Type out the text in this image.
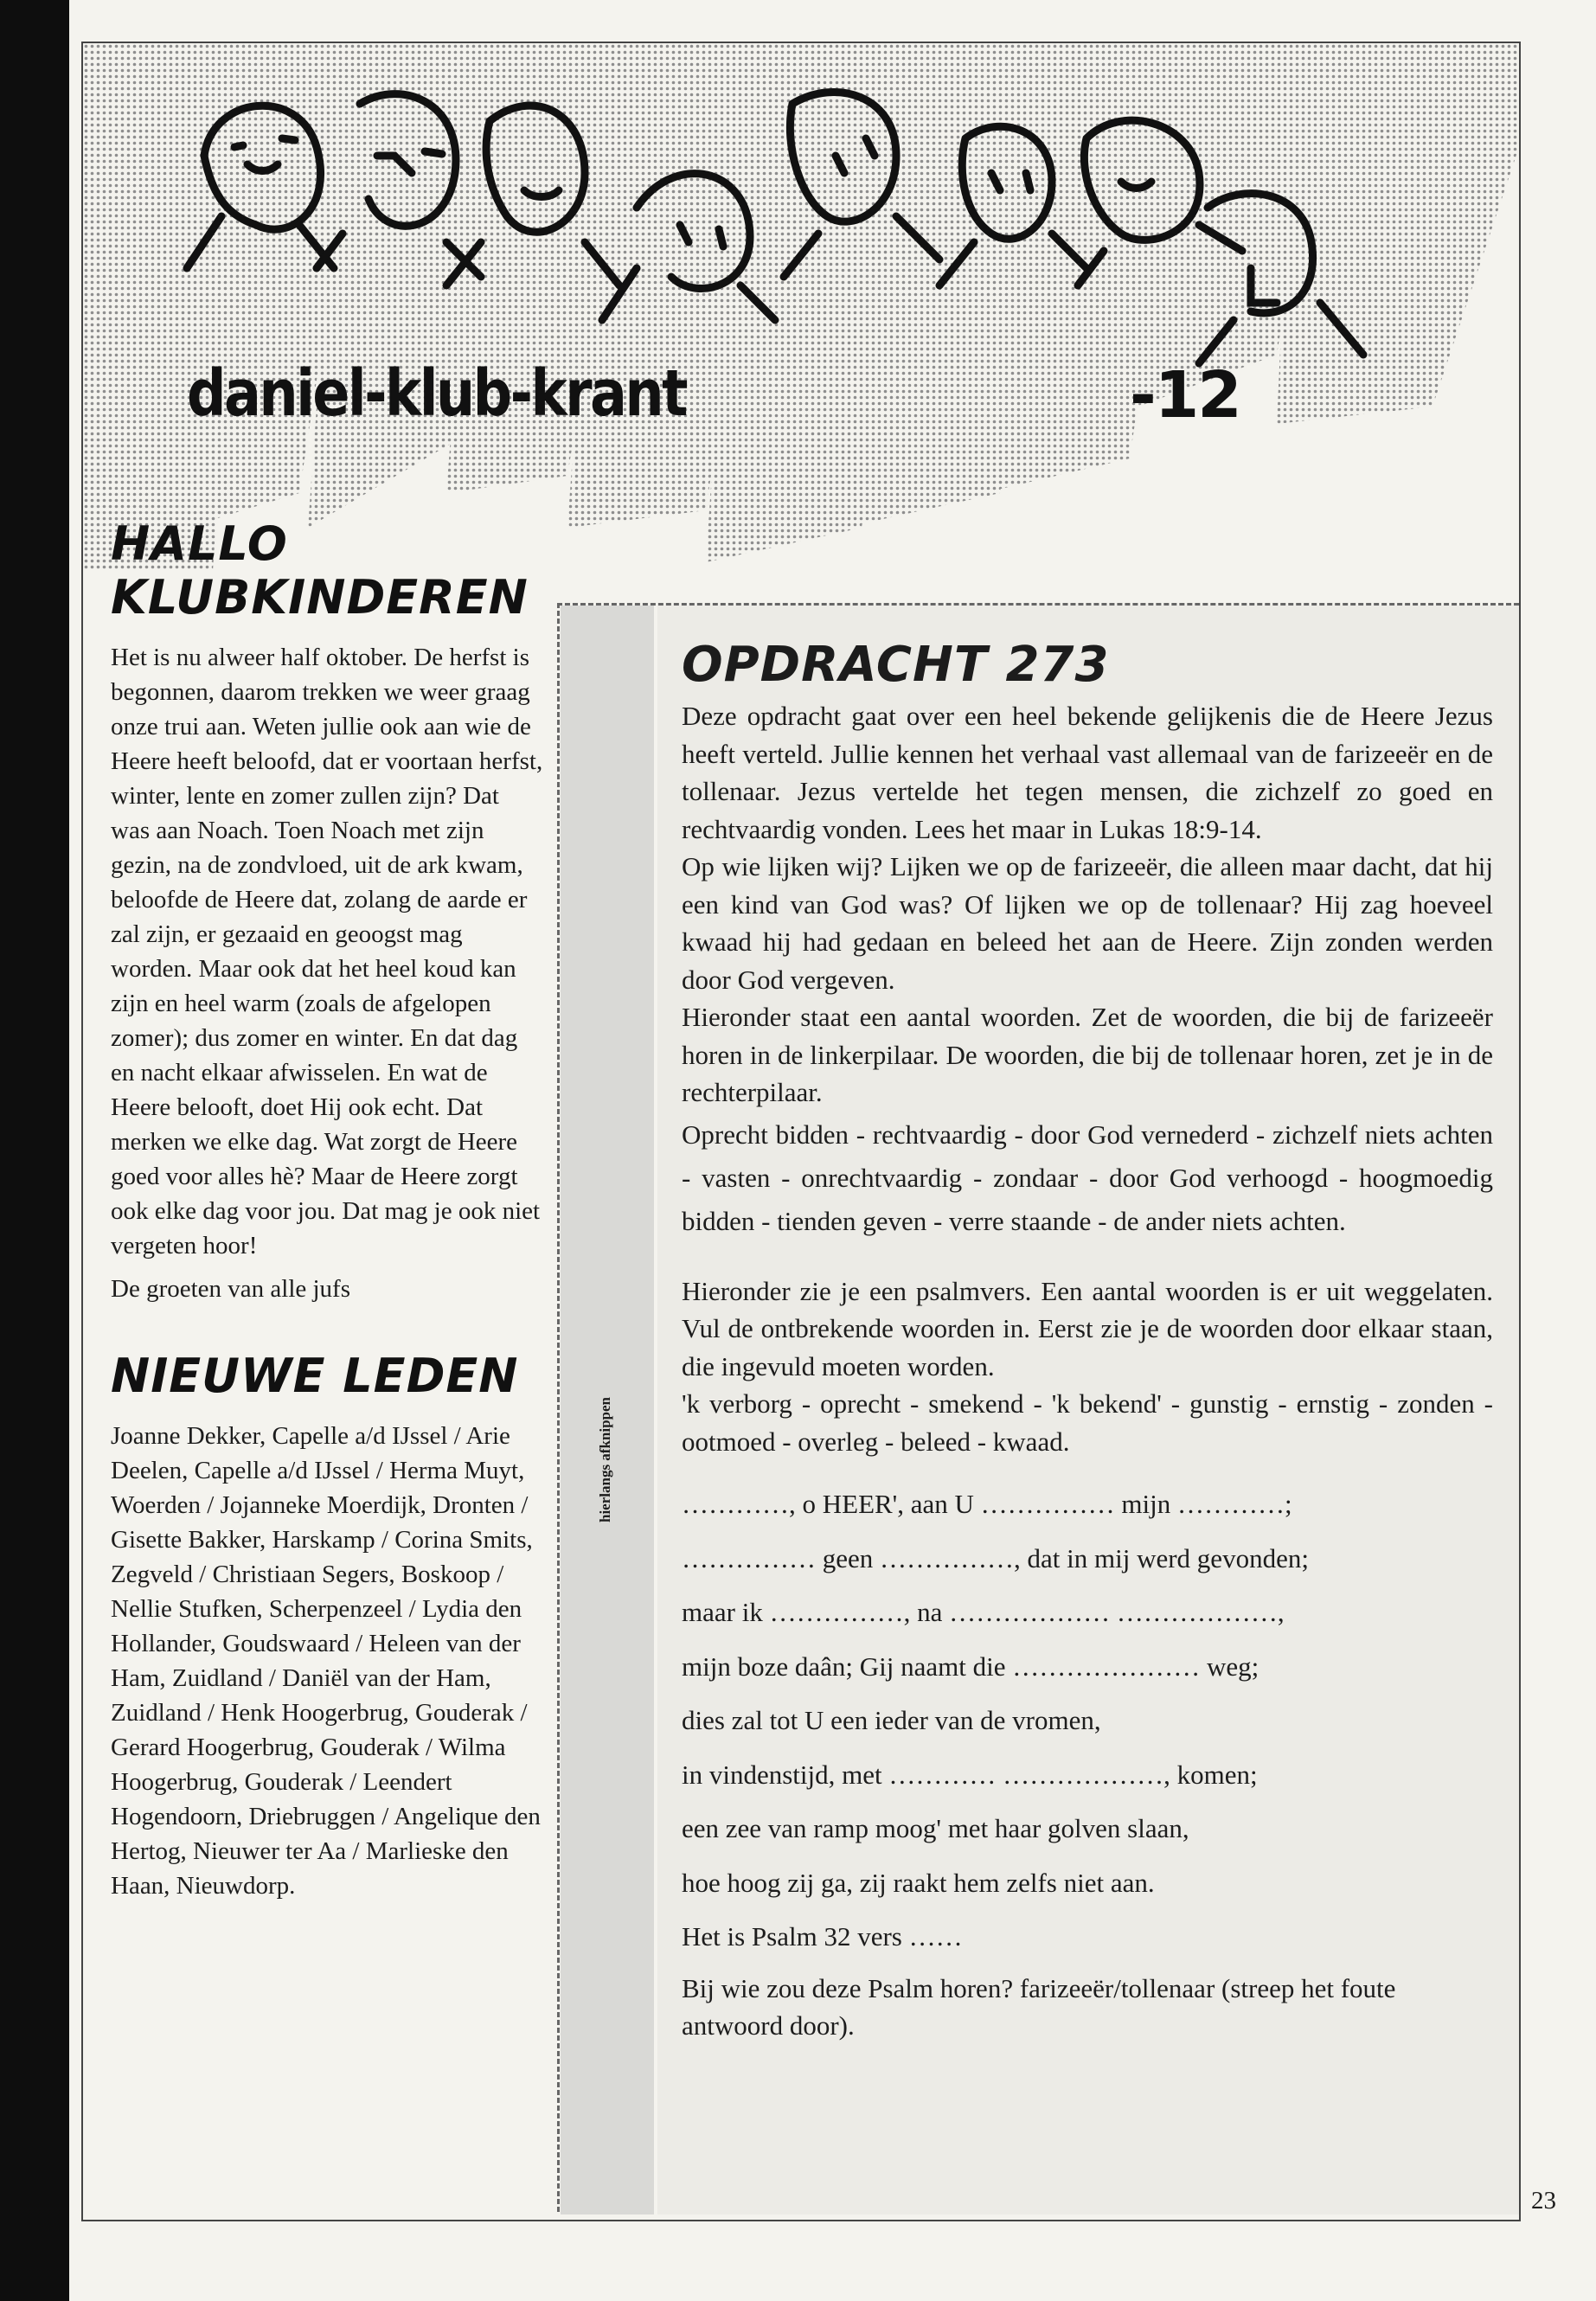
daniel-klub-krant	-12
HALLO
KLUBKINDEREN

Het is nu alweer half oktober. De herfst is begonnen, daarom trekken we weer graag onze trui aan. Weten jullie ook aan wie de Heere heeft beloofd, dat er voortaan herfst, winter, lente en zomer zullen zijn? Dat was aan Noach. Toen Noach met zijn gezin, na de zondvloed, uit de ark kwam, beloofde de Heere dat, zolang de aarde er zal zijn, er gezaaid en geoogst mag worden. Maar ook dat het heel koud kan zijn en heel warm (zoals de afgelopen zomer); dus zomer en winter. En dat dag en nacht elkaar afwisselen. En wat de Heere belooft, doet Hij ook echt. Dat merken we elke dag. Wat zorgt de Heere goed voor alles hè? Maar de Heere zorgt ook elke dag voor jou. Dat mag je ook niet vergeten hoor!

De groeten van alle jufs

NIEUWE LEDEN

Joanne Dekker, Capelle a/d IJssel / Arie Deelen, Capelle a/d IJssel / Herma Muyt, Woerden / Jojanneke Moerdijk, Dronten / Gisette Bakker, Harskamp / Corina Smits, Zegveld / Christiaan Segers, Boskoop / Nellie Stufken, Scherpenzeel / Lydia den Hollander, Goudswaard / Heleen van der Ham, Zuidland / Daniël van der Ham, Zuidland / Henk Hoogerbrug, Gouderak / Gerard Hoogerbrug, Gouderak / Wilma Hoogerbrug, Gouderak / Leendert Hogendoorn, Driebruggen / Angelique den Hertog, Nieuwer ter Aa / Marlieske den Haan, Nieuwdorp.

hierlangs afknippen
OPDRACHT 273

Deze opdracht gaat over een heel bekende gelijkenis die de Heere Jezus heeft verteld. Jullie kennen het verhaal vast allemaal van de farizeeër en de tollenaar. Jezus vertelde het tegen mensen, die zichzelf zo goed en rechtvaardig vonden. Lees het maar in Lukas 18:9-14.

Op wie lijken wij? Lijken we op de farizeeër, die alleen maar dacht, dat hij een kind van God was? Of lijken we op de tollenaar? Hij zag hoeveel kwaad hij had gedaan en beleed het aan de Heere. Zijn zonden werden door God vergeven.

Hieronder staat een aantal woorden. Zet de woorden, die bij de farizeeër horen in de linkerpilaar. De woorden, die bij de tollenaar horen, zet je in de rechterpilaar.

Oprecht bidden - rechtvaardig - door God vernederd - zichzelf niets achten - vasten - onrechtvaardig - zondaar - door God verhoogd - hoogmoedig bidden - tienden geven - verre staande - de ander niets achten.

Hieronder zie je een psalmvers. Een aantal woorden is er uit weggelaten. Vul de ontbrekende woorden in. Eerst zie je de woorden door elkaar staan, die ingevuld moeten worden.

'k verborg - oprecht - smekend - 'k bekend' - gunstig - ernstig - zonden - ootmoed - overleg - beleed - kwaad.

…………, o HEER', aan U …………… mijn …………;
…………… geen ……………, dat in mij werd gevonden;
maar ik ……………, na ……………… ………………,
mijn boze daân; Gij naamt die ………………… weg;
dies zal tot U een ieder van de vromen,
in vindenstijd, met ………… ………………, komen;
een zee van ramp moog' met haar golven slaan,
hoe hoog zij ga, zij raakt hem zelfs niet aan.
Het is Psalm 32 vers ……
Bij wie zou deze Psalm horen? farizeeër/tollenaar (streep het foute antwoord door).
23
